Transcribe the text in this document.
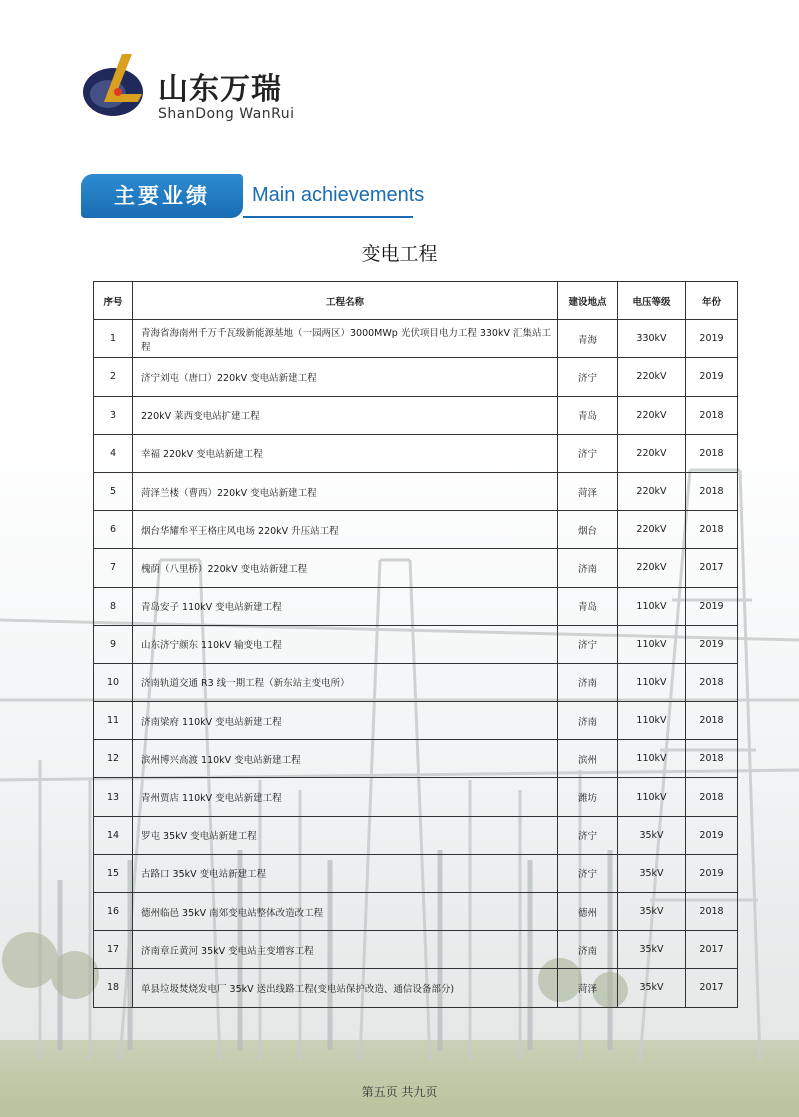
山东万瑞
ShanDong WanRui
主要业绩	Main achievements
变电工程
序号	工程名称	建设地点	电压等级	年份
1	青海省海南州千万千瓦级新能源基地（一园两区）3000MWp 光伏项目电力工程 330kV 汇集站工程	青海	330kV	2019
2	济宁刘屯（唐口）220kV 变电站新建工程	济宁	220kV	2019
3	220kV 莱西变电站扩建工程	青岛	220kV	2018
4	幸福 220kV 变电站新建工程	济宁	220kV	2018
5	菏泽兰楼（曹西）220kV 变电站新建工程	菏泽	220kV	2018
6	烟台华耀牟平王格庄风电场 220kV 升压站工程	烟台	220kV	2018
7	槐荫（八里桥）220kV 变电站新建工程	济南	220kV	2017
8	青岛安子 110kV 变电站新建工程	青岛	110kV	2019
9	山东济宁颜东 110kV 输变电工程	济宁	110kV	2019
10	济南轨道交通 R3 线一期工程（新东站主变电所）	济南	110kV	2018
11	济南梁府 110kV 变电站新建工程	济南	110kV	2018
12	滨州博兴高渡 110kV 变电站新建工程	滨州	110kV	2018
13	青州贾店 110kV 变电站新建工程	潍坊	110kV	2018
14	罗屯 35kV 变电站新建工程	济宁	35kV	2019
15	古路口 35kV 变电站新建工程	济宁	35kV	2019
16	德州临邑 35kV 南郊变电站整体改造改工程	德州	35kV	2018
17	济南章丘黄河 35kV 变电站主变增容工程	济南	35kV	2017
18	单县垃圾焚烧发电厂 35kV 送出线路工程(变电站保护改造、通信设备部分)	菏泽	35kV	2017
第五页 共九页
